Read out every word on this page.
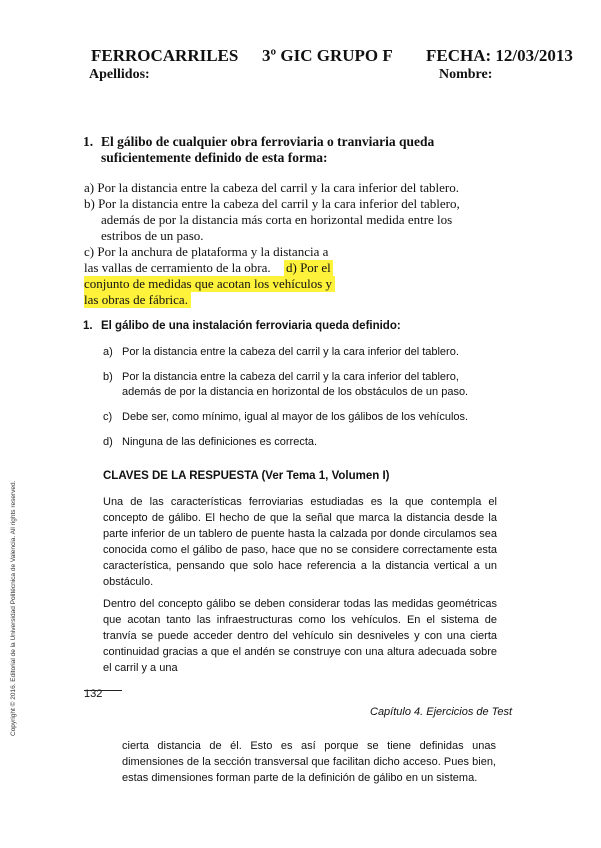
FERROCARRILES 3º GIC GRUPO F FECHA: 12/03/2013
Apellidos:	Nombre:
1. El gálibo de cualquier obra ferroviaria o tranviaria queda
suficientemente definido de esta forma:
a) Por la distancia entre la cabeza del carril y la cara inferior del tablero.
b) Por la distancia entre la cabeza del carril y la cara inferior del tablero,
además de por la distancia más corta en horizontal medida entre los
estribos de un paso.
c) Por la anchura de plataforma y la distancia a
las vallas de cerramiento de la obra. d) Por el
conjunto de medidas que acotan los vehículos y
las obras de fábrica.
1. El gálibo de una instalación ferroviaria queda definido:
a) Por la distancia entre la cabeza del carril y la cara inferior del tablero.
b) Por la distancia entre la cabeza del carril y la cara inferior del tablero,
además de por la distancia en horizontal de los obstáculos de un paso.
c) Debe ser, como mínimo, igual al mayor de los gálibos de los vehículos.
d) Ninguna de las definiciones es correcta.
CLAVES DE LA RESPUESTA (Ver Tema 1, Volumen I)
Una de las características ferroviarias estudiadas es la que contempla el concepto de gálibo. El hecho de que la señal que marca la distancia desde la parte inferior de un tablero de puente hasta la calzada por donde circulamos sea conocida como el gálibo de paso, hace que no se considere correctamente esta característica, pensando que solo hace referencia a la distancia vertical a un obstáculo.
Dentro del concepto gálibo se deben considerar todas las medidas geométricas que acotan tanto las infraestructuras como los vehículos. En el sistema de tranvía se puede acceder dentro del vehículo sin desniveles y con una cierta continuidad gracias a que el andén se construye con una altura adecuada sobre el carril y a una
132
Capítulo 4. Ejercicios de Test
cierta distancia de él. Esto es así porque se tiene definidas unas dimensiones de la sección transversal que facilitan dicho acceso. Pues bien, estas dimensiones forman parte de la definición de gálibo en un sistema.
Copyright © 2016. Editorial de la Universidad Politécnica de Valencia. All rights reserved.
